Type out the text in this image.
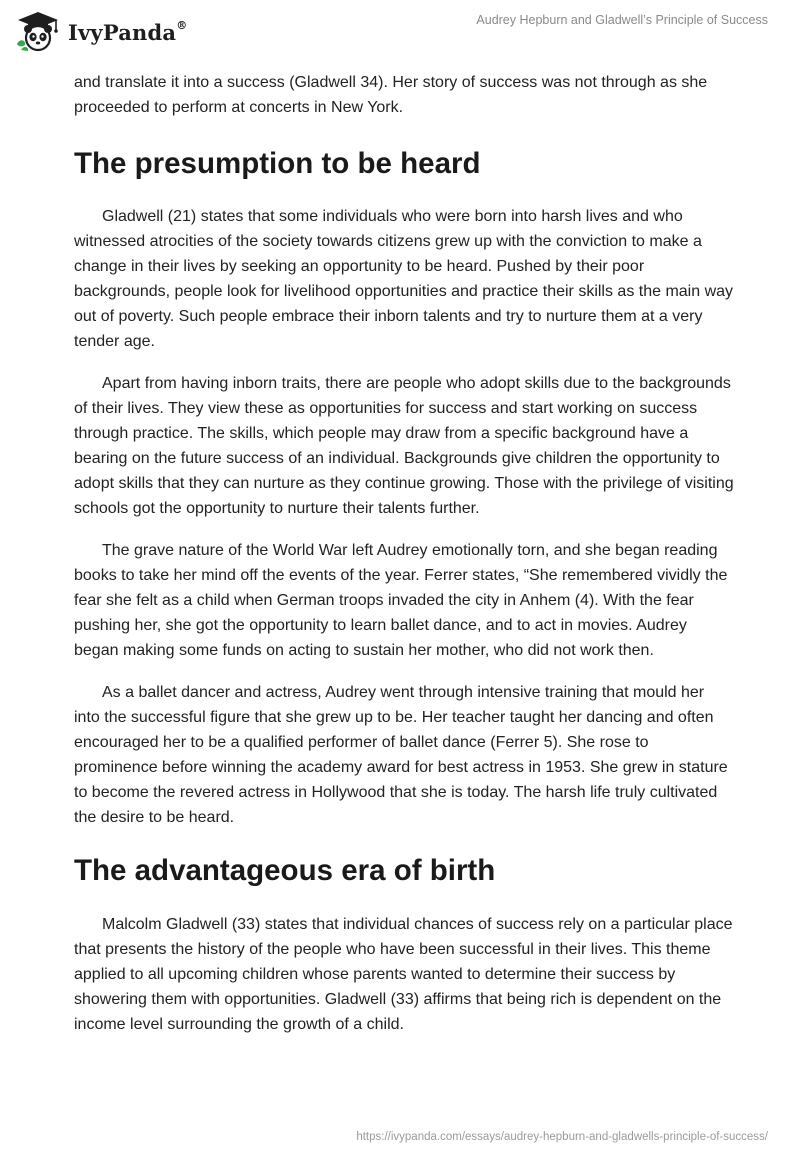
IvyPanda®	Audrey Hepburn and Gladwell’s Principle of Success

and translate it into a success (Gladwell 34). Her story of success was not through as she proceeded to perform at concerts in New York.

The presumption to be heard

Gladwell (21) states that some individuals who were born into harsh lives and who witnessed atrocities of the society towards citizens grew up with the conviction to make a change in their lives by seeking an opportunity to be heard. Pushed by their poor backgrounds, people look for livelihood opportunities and practice their skills as the main way out of poverty. Such people embrace their inborn talents and try to nurture them at a very tender age.

Apart from having inborn traits, there are people who adopt skills due to the backgrounds of their lives. They view these as opportunities for success and start working on success through practice. The skills, which people may draw from a specific background have a bearing on the future success of an individual. Backgrounds give children the opportunity to adopt skills that they can nurture as they continue growing. Those with the privilege of visiting schools got the opportunity to nurture their talents further.

The grave nature of the World War left Audrey emotionally torn, and she began reading books to take her mind off the events of the year. Ferrer states, “She remembered vividly the fear she felt as a child when German troops invaded the city in Anhem (4). With the fear pushing her, she got the opportunity to learn ballet dance, and to act in movies. Audrey began making some funds on acting to sustain her mother, who did not work then.

As a ballet dancer and actress, Audrey went through intensive training that mould her into the successful figure that she grew up to be. Her teacher taught her dancing and often encouraged her to be a qualified performer of ballet dance (Ferrer 5). She rose to prominence before winning the academy award for best actress in 1953. She grew in stature to become the revered actress in Hollywood that she is today. The harsh life truly cultivated the desire to be heard.

The advantageous era of birth

Malcolm Gladwell (33) states that individual chances of success rely on a particular place that presents the history of the people who have been successful in their lives. This theme applied to all upcoming children whose parents wanted to determine their success by showering them with opportunities. Gladwell (33) affirms that being rich is dependent on the income level surrounding the growth of a child.

https://ivypanda.com/essays/audrey-hepburn-and-gladwells-principle-of-success/
